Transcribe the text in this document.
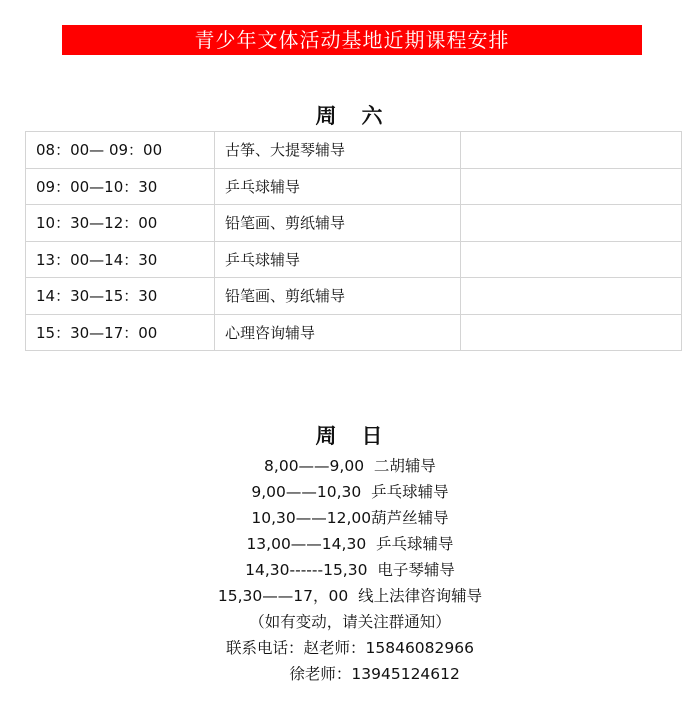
青少年文体活动基地近期课程安排
周　六
08：00— 09：00	古筝、大提琴辅导	
09：00—10：30	乒乓球辅导	
10：30—12：00	铅笔画、剪纸辅导	
13：00—14：30	乒乓球辅导	
14：30—15：30	铅笔画、剪纸辅导	
15：30—17：00	心理咨询辅导	
周　日
8,00——9,00  二胡辅导
9,00——10,30  乒乓球辅导
10,30——12,00葫芦丝辅导
13,00——14,30  乒乓球辅导
14,30------15,30  电子琴辅导
15,30——17，00  线上法律咨询辅导
（如有变动，请关注群通知）
联系电话：赵老师：15846082966
徐老师：13945124612
